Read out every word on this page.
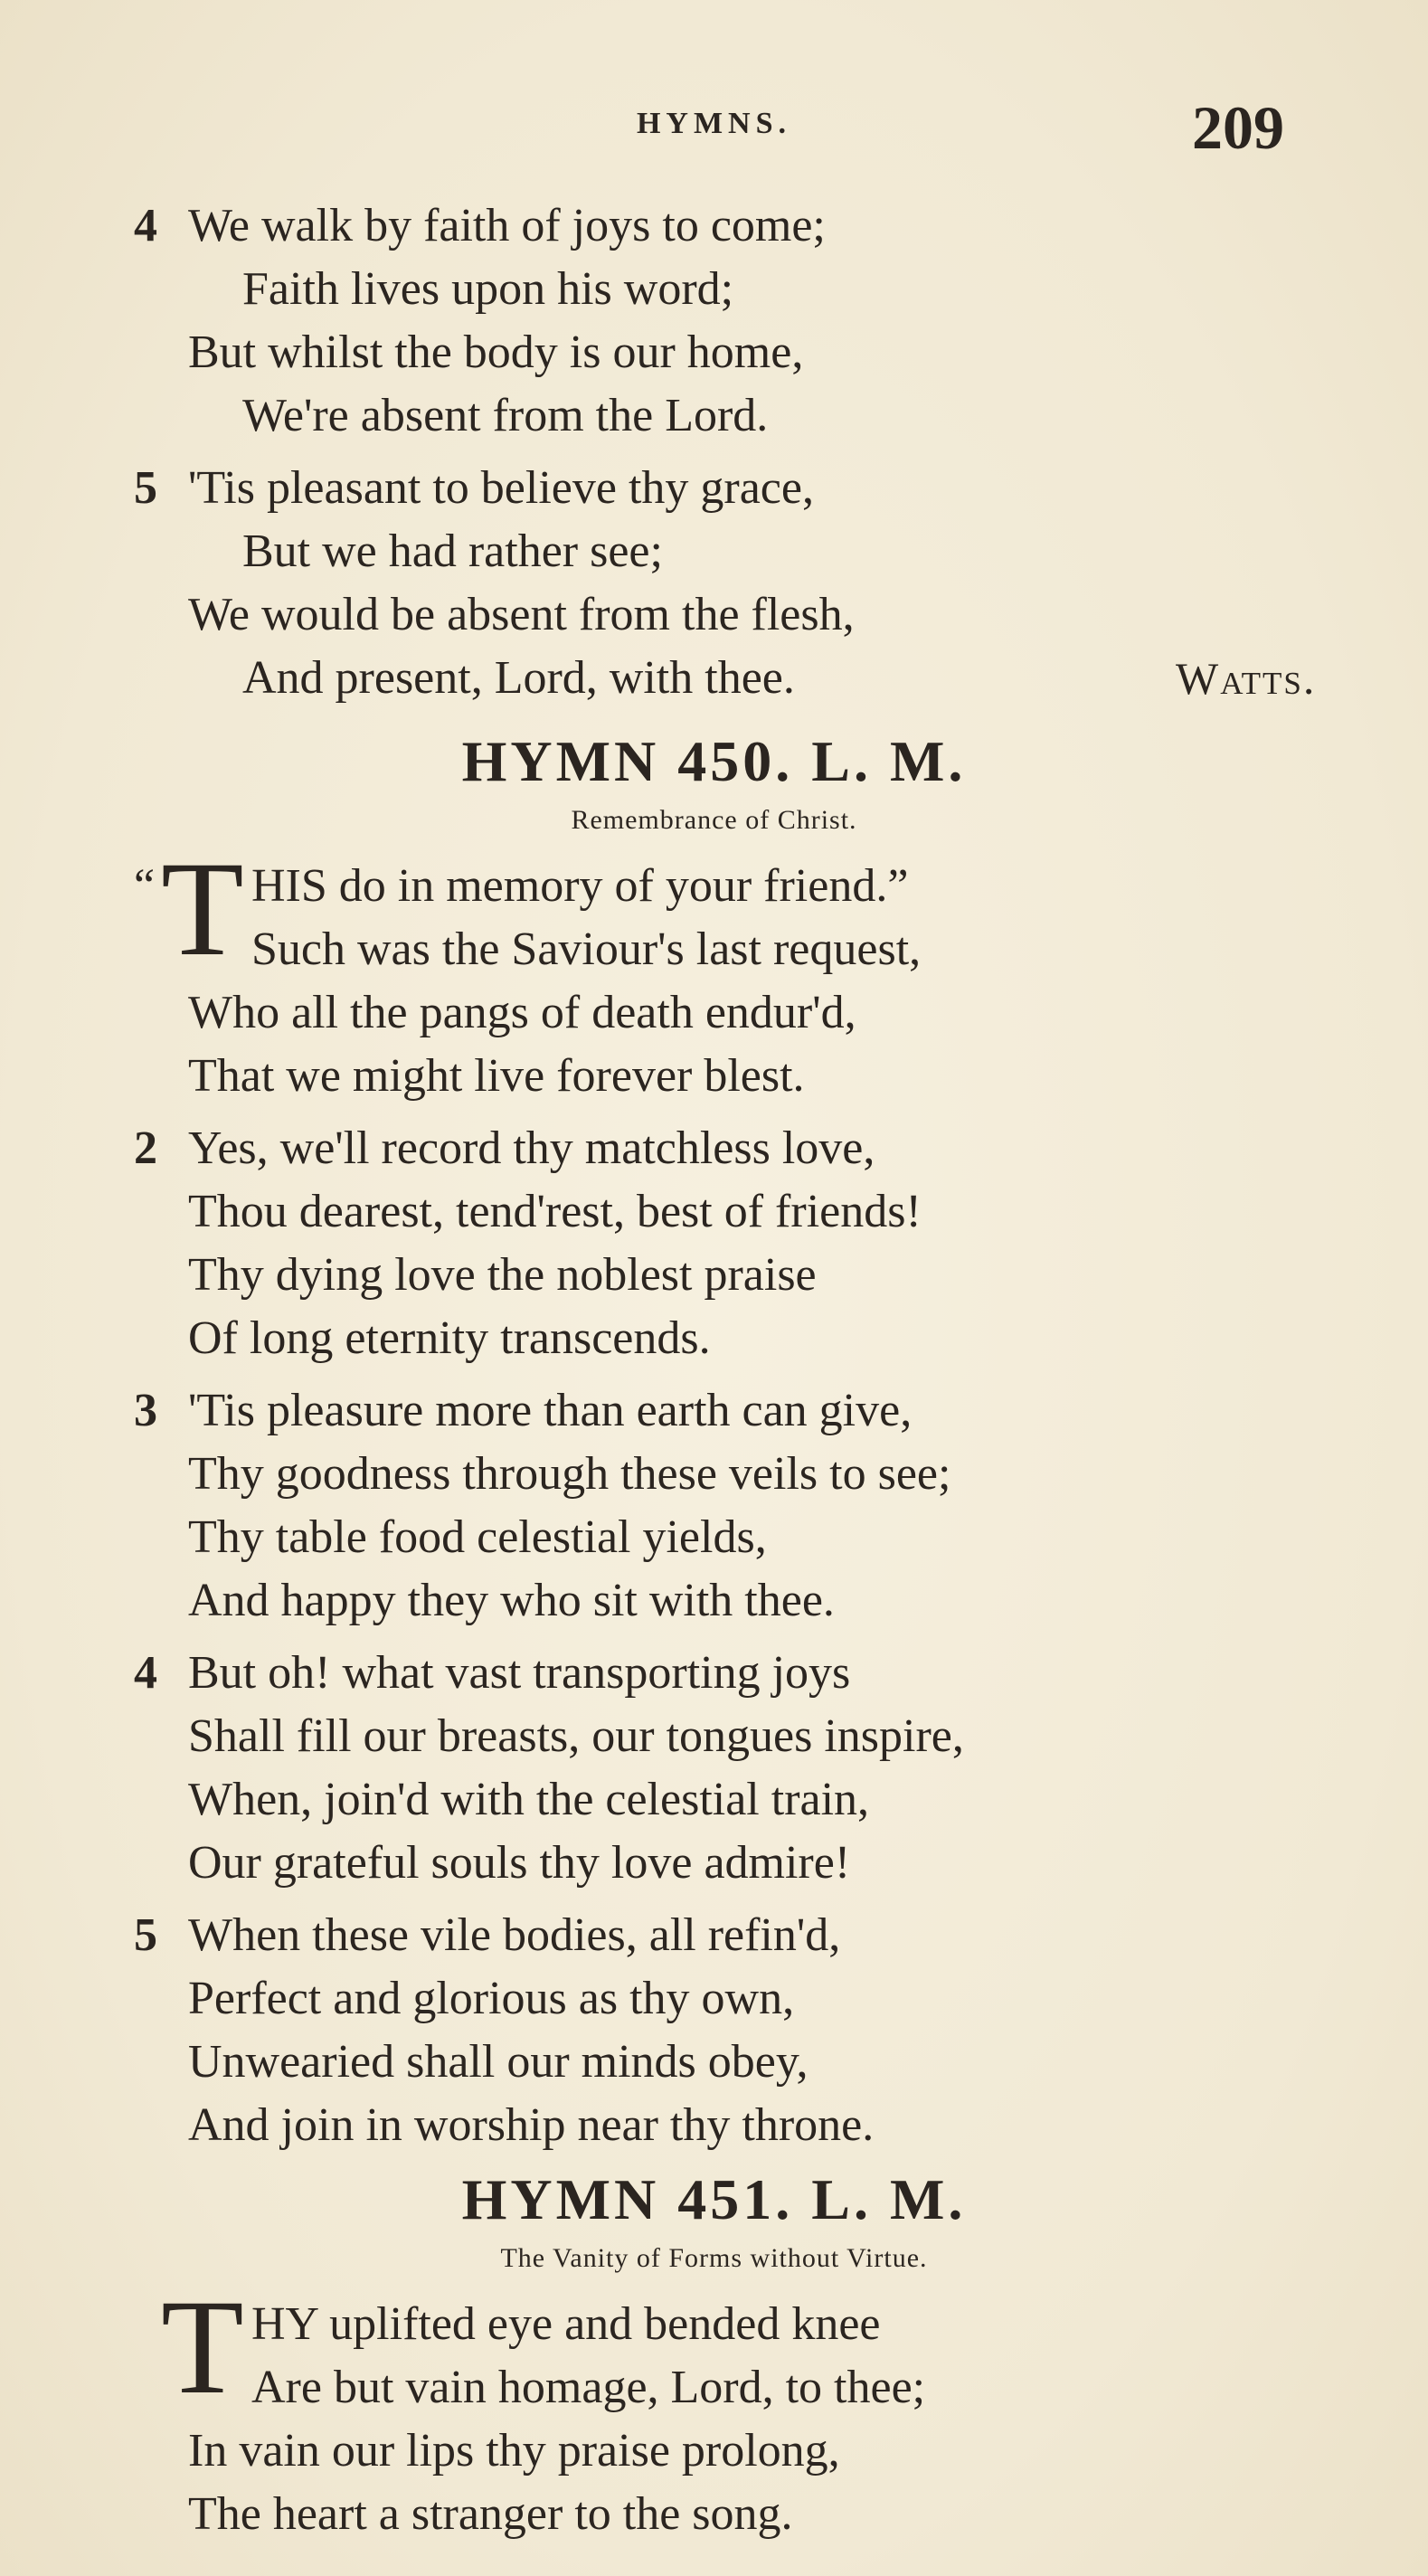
HYMNS.	209
4 We walk by faith of joys to come;
Faith lives upon his word;
But whilst the body is our home,
We're absent from the Lord.
5 'Tis pleasant to believe thy grace,
But we had rather see;
We would be absent from the flesh,
And present, Lord, with thee.	Watts.
HYMN 450. L. M.
Remembrance of Christ.
“ T HIS do in memory of your friend.”
Such was the Saviour's last request,
Who all the pangs of death endur'd,
That we might live forever blest.
2 Yes, we'll record thy matchless love,
Thou dearest, tend'rest, best of friends!
Thy dying love the noblest praise
Of long eternity transcends.
3 'Tis pleasure more than earth can give,
Thy goodness through these veils to see;
Thy table food celestial yields,
And happy they who sit with thee.
4 But oh! what vast transporting joys
Shall fill our breasts, our tongues inspire,
When, join'd with the celestial train,
Our grateful souls thy love admire!
5 When these vile bodies, all refin'd,
Perfect and glorious as thy own,
Unwearied shall our minds obey,
And join in worship near thy throne.
HYMN 451. L. M.
The Vanity of Forms without Virtue.
T HY uplifted eye and bended knee
Are but vain homage, Lord, to thee;
In vain our lips thy praise prolong,
The heart a stranger to the song.
